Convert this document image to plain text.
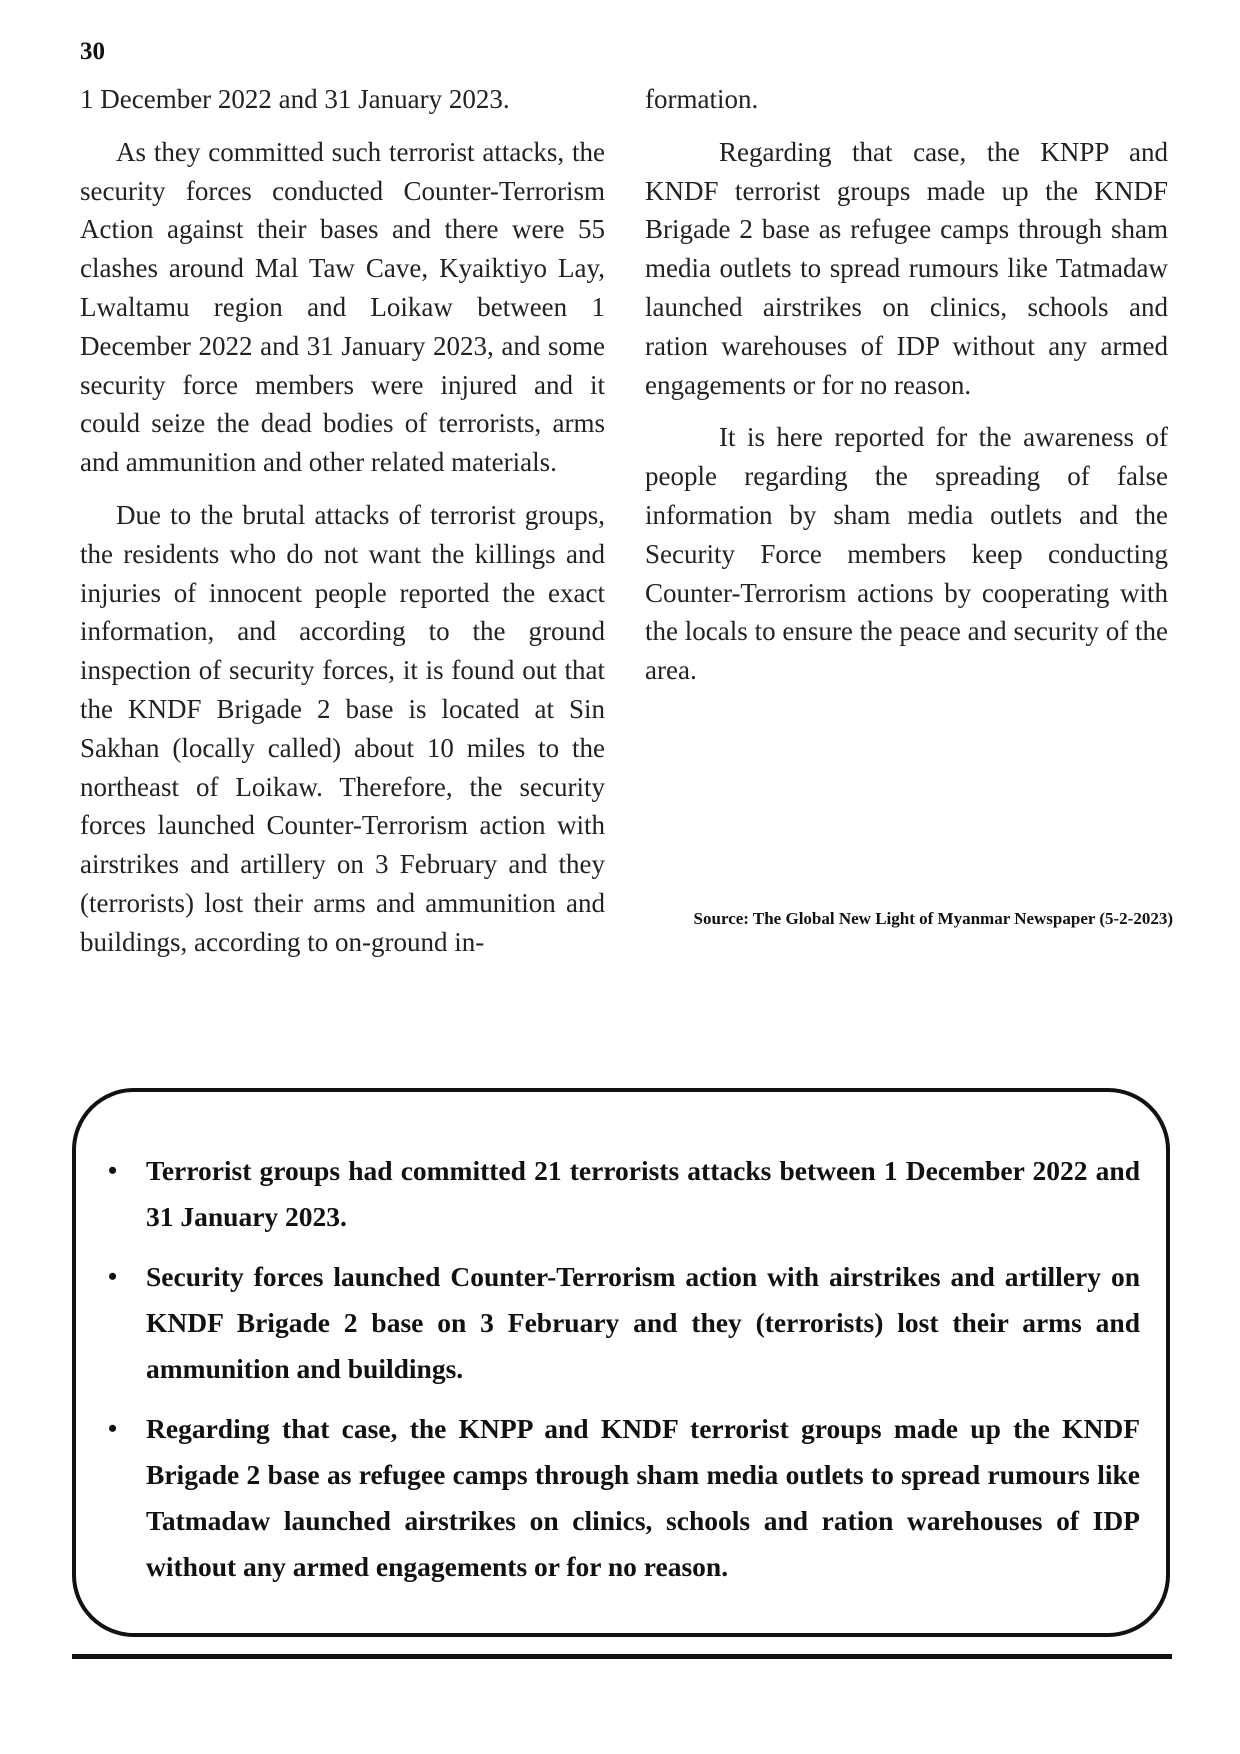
30

1 December 2022 and 31 January 2023.

As they committed such terrorist attacks, the security forces conducted Counter-Terrorism Action against their bases and there were 55 clashes around Mal Taw Cave, Kyaiktiyo Lay, Lwaltamu region and Loikaw between 1 December 2022 and 31 January 2023, and some security force members were injured and it could seize the dead bodies of terrorists, arms and ammunition and other related materials.

Due to the brutal attacks of terrorist groups, the residents who do not want the killings and injuries of innocent people reported the exact information, and according to the ground inspection of security forces, it is found out that the KNDF Brigade 2 base is located at Sin Sakhan (locally called) about 10 miles to the northeast of Loikaw. Therefore, the security forces launched Counter-Terrorism action with airstrikes and artillery on 3 February and they (terrorists) lost their arms and ammunition and buildings, according to on-ground in-

formation.

Regarding that case, the KNPP and KNDF terrorist groups made up the KNDF Brigade 2 base as refugee camps through sham media outlets to spread rumours like Tatmadaw launched airstrikes on clinics, schools and ration warehouses of IDP without any armed engagements or for no reason.

It is here reported for the awareness of people regarding the spreading of false information by sham media outlets and the Security Force members keep conducting Counter-Terrorism actions by cooperating with the locals to ensure the peace and security of the area.

Source: The Global New Light of Myanmar Newspaper (5-2-2023)
• Terrorist groups had committed 21 terrorists attacks between 1 December 2022 and 31 January 2023.
• Security forces launched Counter-Terrorism action with airstrikes and artillery on KNDF Brigade 2 base on 3 February and they (terrorists) lost their arms and ammunition and buildings.
• Regarding that case, the KNPP and KNDF terrorist groups made up the KNDF Brigade 2 base as refugee camps through sham media outlets to spread rumours like Tatmadaw launched airstrikes on clinics, schools and ration warehouses of IDP without any armed engagements or for no reason.
